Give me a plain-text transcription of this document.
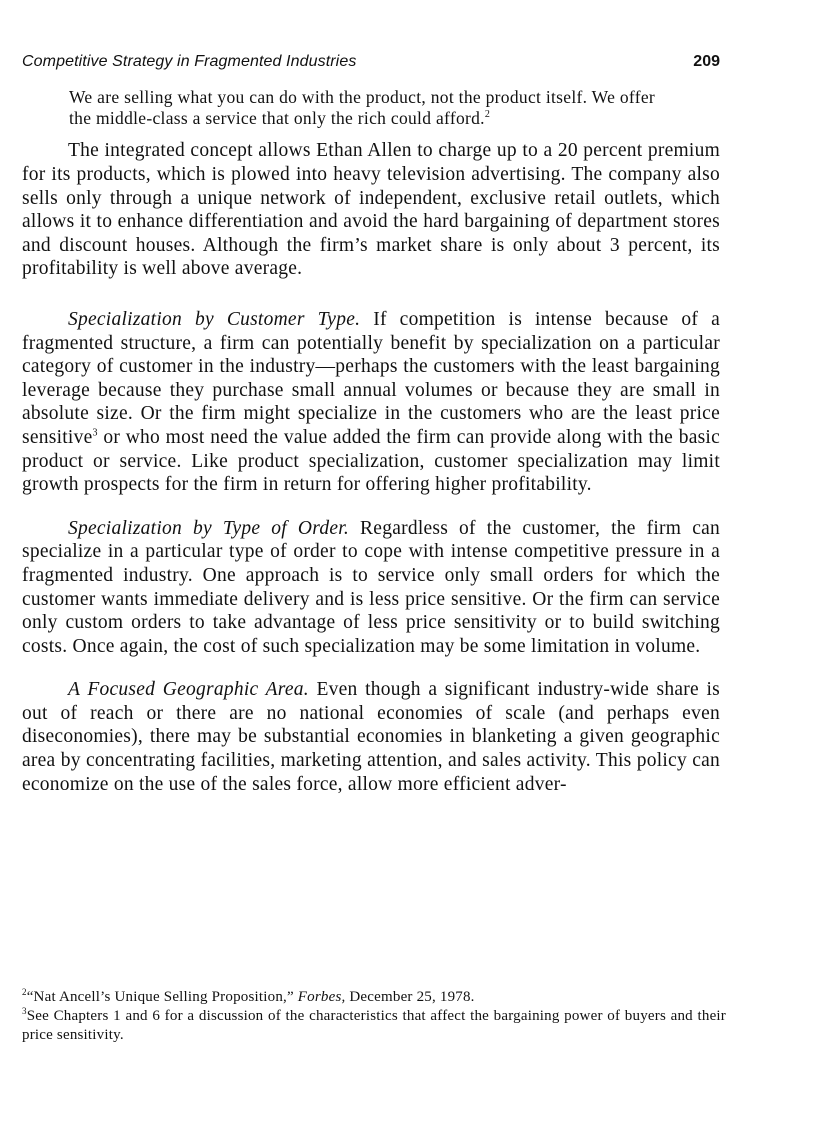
Competitive Strategy in Fragmented Industries	209

We are selling what you can do with the product, not the product itself. We offer the middle-class a service that only the rich could afford.$^2$

The integrated concept allows Ethan Allen to charge up to a 20 percent premium for its products, which is plowed into heavy television advertising. The company also sells only through a unique network of independent, exclusive retail outlets, which allows it to enhance differentiation and avoid the hard bargaining of department stores and discount houses. Although the firm’s market share is only about 3 percent, its profitability is well above average.

Specialization by Customer Type. If competition is intense because of a fragmented structure, a firm can potentially benefit by specialization on a particular category of customer in the industry—perhaps the customers with the least bargaining leverage because they purchase small annual volumes or because they are small in absolute size. Or the firm might specialize in the customers who are the least price sensitive$^3$ or who most need the value added the firm can provide along with the basic product or service. Like product specialization, customer specialization may limit growth prospects for the firm in return for offering higher profitability.

Specialization by Type of Order. Regardless of the customer, the firm can specialize in a particular type of order to cope with intense competitive pressure in a fragmented industry. One approach is to service only small orders for which the customer wants immediate delivery and is less price sensitive. Or the firm can service only custom orders to take advantage of less price sensitivity or to build switching costs. Once again, the cost of such specialization may be some limitation in volume.

A Focused Geographic Area. Even though a significant industry-wide share is out of reach or there are no national economies of scale (and perhaps even diseconomies), there may be substantial economies in blanketing a given geographic area by concentrating facilities, marketing attention, and sales activity. This policy can economize on the use of the sales force, allow more efficient adver-

$^2$“Nat Ancell’s Unique Selling Proposition,” Forbes, December 25, 1978.

$^3$See Chapters 1 and 6 for a discussion of the characteristics that affect the bargaining power of buyers and their price sensitivity.
